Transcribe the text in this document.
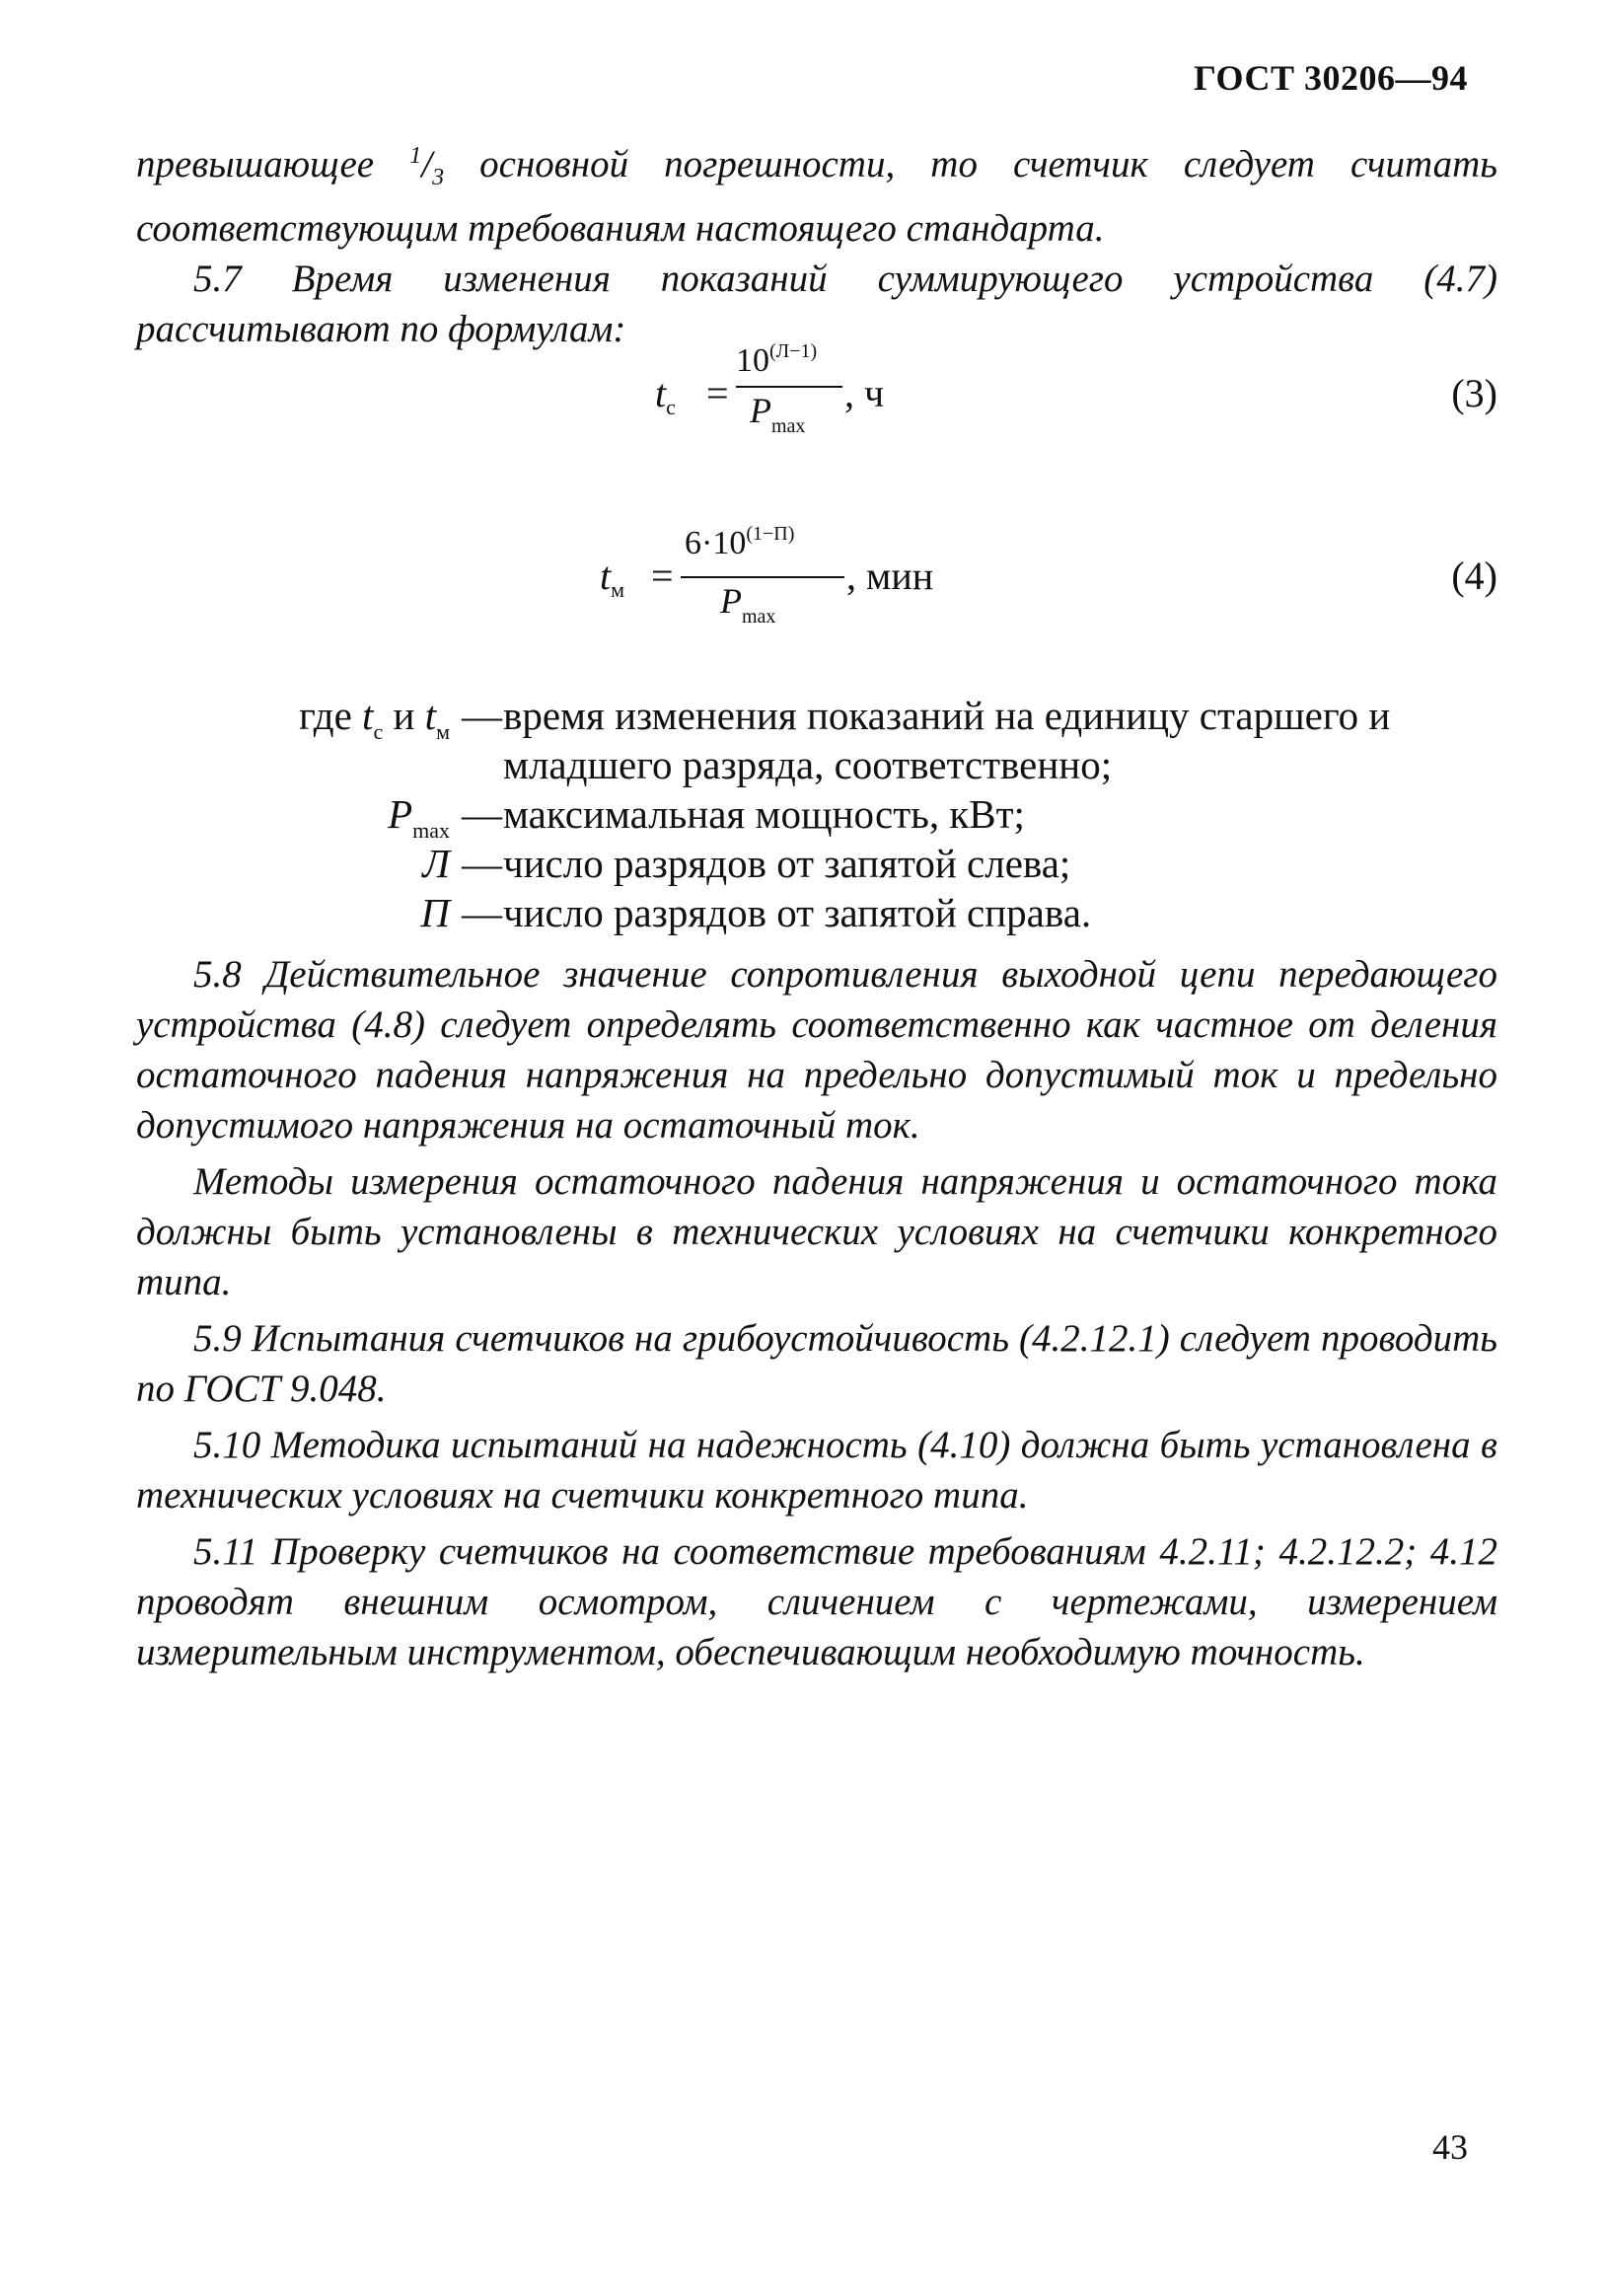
ГОСТ 30206—94

превышающее $^1/_3$ основной погрешности, то счетчик следует считать соответствующим требованиям настоящего стандарта.

5.7 Время изменения показаний суммирующего устройства (4.7) рассчитывают по формулам:

$t_с$ =
$10^{(Л-1)}$
$P_{max}$
, ч	(3)
$t_м$ =
$6\cdot 10^{(1-П)}$
$P_{max}$
, мин	(4)
где $t_с$ и $t_м$ — время изменения показаний на единицу старшего и
младшего разряда, соответственно;
$P_{max}$ — максимальная мощность, кВт;
Л — число разрядов от запятой слева;
П — число разрядов от запятой справа.

5.8 Действительное значение сопротивления выходной цепи передающего устройства (4.8) следует определять соответственно как частное от деления остаточного падения напряжения на предельно допустимый ток и предельно допустимого напряжения на остаточный ток.

Методы измерения остаточного падения напряжения и остаточного тока должны быть установлены в технических условиях на счетчики конкретного типа.

5.9 Испытания счетчиков на грибоустойчивость (4.2.12.1) следует проводить по ГОСТ 9.048.

5.10 Методика испытаний на надежность (4.10) должна быть установлена в технических условиях на счетчики конкретного типа.

5.11 Проверку счетчиков на соответствие требованиям 4.2.11; 4.2.12.2; 4.12 проводят внешним осмотром, сличением с чертежами, измерением измерительным инструментом, обеспечивающим необходимую точность.

43
